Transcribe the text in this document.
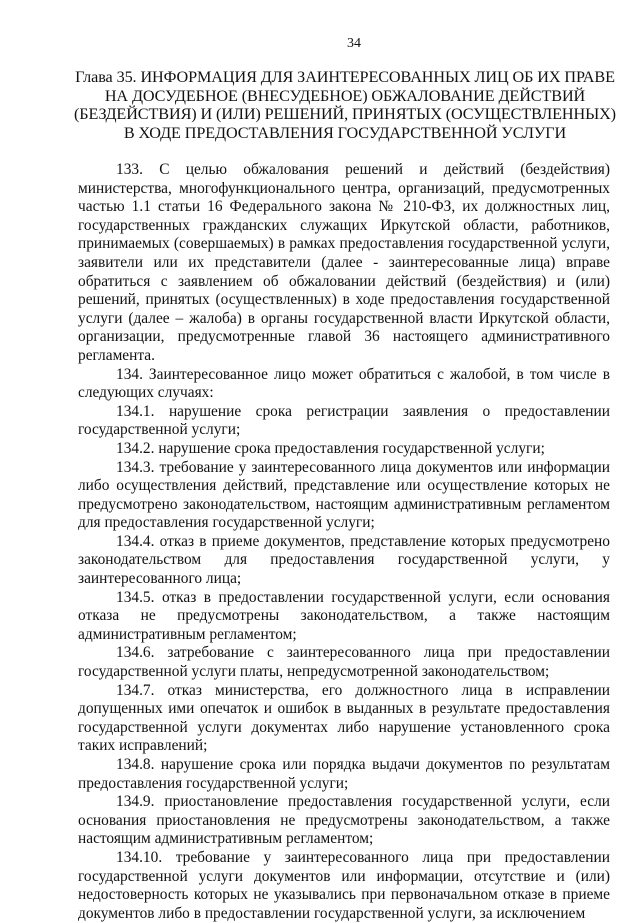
34
Глава 35. ИНФОРМАЦИЯ ДЛЯ ЗАИНТЕРЕСОВАННЫХ ЛИЦ ОБ ИХ ПРАВЕ НА ДОСУДЕБНОЕ (ВНЕСУДЕБНОЕ) ОБЖАЛОВАНИЕ ДЕЙСТВИЙ (БЕЗДЕЙСТВИЯ) И (ИЛИ) РЕШЕНИЙ, ПРИНЯТЫХ (ОСУЩЕСТВЛЕННЫХ) В ХОДЕ ПРЕДОСТАВЛЕНИЯ ГОСУДАРСТВЕННОЙ УСЛУГИ

133. С целью обжалования решений и действий (бездействия) министерства, многофункционального центра, организаций, предусмотренных частью 1.1 статьи 16 Федерального закона № 210-ФЗ, их должностных лиц, государственных гражданских служащих Иркутской области, работников, принимаемых (совершаемых) в рамках предоставления государственной услуги, заявители или их представители (далее - заинтересованные лица) вправе обратиться с заявлением об обжаловании действий (бездействия) и (или) решений, принятых (осуществленных) в ходе предоставления государственной услуги (далее – жалоба) в органы государственной власти Иркутской области, организации, предусмотренные главой 36 настоящего административного регламента.

134. Заинтересованное лицо может обратиться с жалобой, в том числе в следующих случаях:

134.1. нарушение срока регистрации заявления о предоставлении государственной услуги;

134.2. нарушение срока предоставления государственной услуги;

134.3. требование у заинтересованного лица документов или информации либо осуществления действий, представление или осуществление которых не предусмотрено законодательством, настоящим административным регламентом для предоставления государственной услуги;

134.4. отказ в приеме документов, представление которых предусмотрено законодательством для предоставления государственной услуги, у заинтересованного лица;

134.5. отказ в предоставлении государственной услуги, если основания отказа не предусмотрены законодательством, а также настоящим административным регламентом;

134.6. затребование с заинтересованного лица при предоставлении государственной услуги платы, непредусмотренной законодательством;

134.7. отказ министерства, его должностного лица в исправлении допущенных ими опечаток и ошибок в выданных в результате предоставления государственной услуги документах либо нарушение установленного срока таких исправлений;

134.8. нарушение срока или порядка выдачи документов по результатам предоставления государственной услуги;

134.9. приостановление предоставления государственной услуги, если основания приостановления не предусмотрены законодательством, а также настоящим административным регламентом;

134.10. требование у заинтересованного лица при предоставлении государственной услуги документов или информации, отсутствие и (или) недостоверность которых не указывались при первоначальном отказе в приеме документов либо в предоставлении государственной услуги, за исключением
